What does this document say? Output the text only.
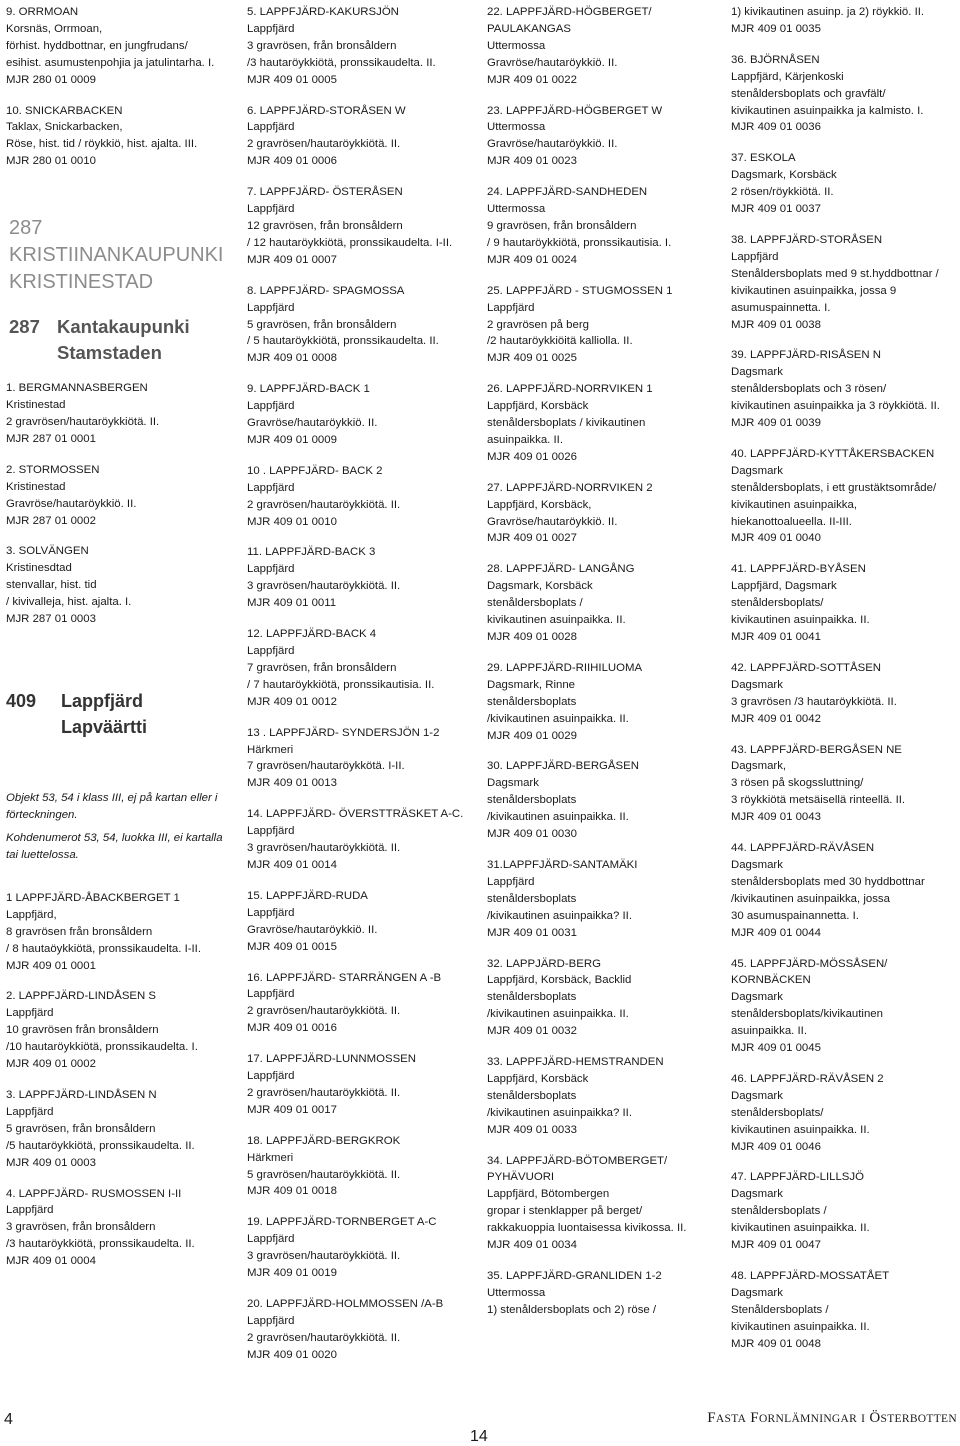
9. ORRMOAN
Korsnäs, Orrmoan,
förhist. hyddbottnar, en jungfrudans/
esihist. asumustenpohjia ja jatulintarha. I.
MJR 280 01 0009
10. SNICKARBACKEN
Taklax, Snickarbacken,
Röse, hist. tid / röykkiö, hist. ajalta. III.
MJR 280 01 0010
287
KRISTIINANKAUPUNKI
KRISTINESTAD
287 Kantakaupunki
Stamstaden
1. BERGMANNASBERGEN
Kristinestad
2 gravrösen/hautaröykkiötä. II.
MJR 287 01 0001
2. STORMOSSEN
Kristinestad
Gravröse/hautaröykkiö. II.
MJR 287 01 0002
3. SOLVÄNGEN
Kristinesdtad
stenvallar, hist. tid
/ kivivalleja, hist. ajalta. I.
MJR 287 01 0003
409	Lappfjärd
Lapväärtti

Objekt 53, 54 i klass III, ej på kartan eller i förteckningen.

Kohdenumerot 53, 54, luokka III, ei kartalla tai luettelossa.

1 LAPPFJÄRD-ÅBACKBERGET 1
Lappfjärd,
8 gravrösen från bronsåldern
/ 8 hautaöykkiötä, pronssikaudelta. I-II.
MJR 409 01 0001
2. LAPPFJÄRD-LINDÅSEN S
Lappfjärd
10 gravrösen från bronsåldern
/10 hautaröykkiötä, pronssikaudelta. I.
MJR 409 01 0002
3. LAPPFJÄRD-LINDÅSEN N
Lappfjärd
5 gravrösen, från bronsåldern
/5 hautaröykkiötä, pronssikaudelta. II.
MJR 409 01 0003
4. LAPPFJÄRD- RUSMOSSEN I-II
Lappfjärd
3 gravrösen, från bronsåldern
/3 hautaröykkiötä, pronssikaudelta. II.
MJR 409 01 0004
5. LAPPFJÄRD-KAKURSJÖN
Lappfjärd
3 gravrösen, från bronsåldern
/3 hautaröykkiötä, pronssikaudelta. II.
MJR 409 01 0005
6. LAPPFJÄRD-STORÅSEN W
Lappfjärd
2 gravrösen/hautaröykkiötä. II.
MJR 409 01 0006
7. LAPPFJÄRD- ÖSTERÅSEN
Lappfjärd
12 gravrösen, från bronsåldern
/ 12 hautaröykkiötä, pronssikaudelta. I-II.
MJR 409 01 0007
8. LAPPFJÄRD- SPAGMOSSA
Lappfjärd
5 gravrösen, från bronsåldern
/ 5 hautaröykkiötä, pronssikaudelta. II.
MJR 409 01 0008
9. LAPPFJÄRD-BACK 1
Lappfjärd
Gravröse/hautaröykkiö. II.
MJR 409 01 0009
10 . LAPPFJÄRD- BACK 2
Lappfjärd
2 gravrösen/hautaröykkiötä. II.
MJR 409 01 0010
11. LAPPFJÄRD-BACK 3
Lappfjärd
3 gravrösen/hautaröykkiötä. II.
MJR 409 01 0011
12. LAPPFJÄRD-BACK 4
Lappfjärd
7 gravrösen, från bronsåldern
/ 7 hautaröykkiötä, pronssikautisia. II.
MJR 409 01 0012
13 . LAPPFJÄRD- SYNDERSJÖN 1-2
Härkmeri
7 gravrösen/hautaröykkötä. I-II.
MJR 409 01 0013
14. LAPPFJÄRD- ÖVERSTTRÄSKET A-C.
Lappfjärd
3 gravrösen/hautaröykkiötä. II.
MJR 409 01 0014
15. LAPPFJÄRD-RUDA
Lappfjärd
Gravröse/hautaröykkiö. II.
MJR 409 01 0015
16. LAPPFJÄRD- STARRÄNGEN A -B
Lappfjärd
2 gravrösen/hautaröykkiötä. II.
MJR 409 01 0016
17. LAPPFJÄRD-LUNNMOSSEN
Lappfjärd
2 gravrösen/hautaröykkiötä. II.
MJR 409 01 0017
18. LAPPFJÄRD-BERGKROK
Härkmeri
5 gravrösen/hautaröykkiötä. II.
MJR 409 01 0018
19. LAPPFJÄRD-TORNBERGET A-C
Lappfjärd
3 gravrösen/hautaröykkiötä. II.
MJR 409 01 0019
20. LAPPFJÄRD-HOLMMOSSEN /A-B
Lappfjärd
2 gravrösen/hautaröykkiötä. II.
MJR 409 01 0020
22. LAPPFJÄRD-HÖGBERGET/
PAULAKANGAS
Uttermossa
Gravröse/hautaröykkiö. II.
MJR 409 01 0022
23. LAPPFJÄRD-HÖGBERGET W
Uttermossa
Gravröse/hautaröykkiö. II.
MJR 409 01 0023
24. LAPPFJÄRD-SANDHEDEN
Uttermossa
9 gravrösen, från bronsåldern
/ 9 hautaröykkiötä, pronssikautisia. I.
MJR 409 01 0024
25. LAPPFJÄRD - STUGMOSSEN 1
Lappfjärd
2 gravrösen på berg
/2 hautaröykkiöitä kalliolla. II.
MJR 409 01 0025
26. LAPPFJÄRD-NORRVIKEN 1
Lappfjärd, Korsbäck
stenåldersboplats / kivikautinen
asuinpaikka. II.
MJR 409 01 0026
27. LAPPFJÄRD-NORRVIKEN 2
Lappfjärd, Korsbäck,
Gravröse/hautaröykkiö. II.
MJR 409 01 0027
28. LAPPFJÄRD- LANGÅNG
Dagsmark, Korsbäck
stenåldersboplats /
kivikautinen asuinpaikka. II.
MJR 409 01 0028
29. LAPPFJÄRD-RIIHILUOMA
Dagsmark, Rinne
stenåldersboplats
/kivikautinen asuinpaikka. II.
MJR 409 01 0029
30. LAPPFJÄRD-BERGÅSEN
Dagsmark
stenåldersboplats
/kivikautinen asuinpaikka. II.
MJR 409 01 0030
31.LAPPFJÄRD-SANTAMÄKI
Lappfjärd
stenåldersboplats
/kivikautinen asuinpaikka? II.
MJR 409 01 0031
32. LAPPJÄRD-BERG
Lappfjärd, Korsbäck, Backlid
stenåldersboplats
/kivikautinen asuinpaikka. II.
MJR 409 01 0032
33. LAPPFJÄRD-HEMSTRANDEN
Lappfjärd, Korsbäck
stenåldersboplats
/kivikautinen asuinpaikka? II.
MJR 409 01 0033
34. LAPPFJÄRD-BÖTOMBERGET/
PYHÄVUORI
Lappfjärd, Bötombergen
gropar i stenklapper på berget/
rakkakuoppia luontaisessa kivikossa. II.
MJR 409 01 0034
35. LAPPFJÄRD-GRANLIDEN 1-2
Uttermossa
1) stenåldersboplats och 2) röse /
1) kivikautinen asuinp. ja 2) röykkiö. II.
MJR 409 01 0035
36. BJÖRNÅSEN
Lappfjärd, Kärjenkoski
stenåldersboplats och gravfält/
kivikautinen asuinpaikka ja kalmisto. I.
MJR 409 01 0036
37. ESKOLA
Dagsmark, Korsbäck
2 rösen/röykkiötä. II.
MJR 409 01 0037
38. LAPPFJÄRD-STORÅSEN
Lappfjärd
Stenåldersboplats med 9 st.hyddbottnar /
kivikautinen asuinpaikka, jossa 9
asumuspainnetta. I.
MJR 409 01 0038
39. LAPPFJÄRD-RISÅSEN N
Dagsmark
stenåldersboplats och 3 rösen/
kivikautinen asuinpaikka ja 3 röykkiötä. II.
MJR 409 01 0039
40. LAPPFJÄRD-KYTTÅKERSBACKEN
Dagsmark
stenåldersboplats, i ett grustäktsområde/
kivikautinen asuinpaikka,
hiekanottoalueella. II-III.
MJR 409 01 0040
41. LAPPFJÄRD-BYÅSEN
Lappfjärd, Dagsmark
stenåldersboplats/
kivikautinen asuinpaikka. II.
MJR 409 01 0041
42. LAPPFJÄRD-SOTTÅSEN
Dagsmark
3 gravrösen /3 hautaröykkiötä. II.
MJR 409 01 0042
43. LAPPFJÄRD-BERGÅSEN NE
Dagsmark,
3 rösen på skogssluttning/
3 röykkiötä metsäisellä rinteellä. II.
MJR 409 01 0043
44. LAPPFJÄRD-RÄVÅSEN
Dagsmark
stenåldersboplats med 30 hyddbottnar
/kivikautinen asuinpaikka, jossa
30 asumuspainannetta. I.
MJR 409 01 0044
45. LAPPFJÄRD-MÖSSÅSEN/
KORNBÄCKEN
Dagsmark
stenåldersboplats/kivikautinen
asuinpaikka. II.
MJR 409 01 0045
46. LAPPFJÄRD-RÄVÅSEN 2
Dagsmark
stenåldersboplats/
kivikautinen asuinpaikka. II.
MJR 409 01 0046
47. LAPPFJÄRD-LILLSJÖ
Dagsmark
stenåldersboplats /
kivikautinen asuinpaikka. II.
MJR 409 01 0047
48. LAPPFJÄRD-MOSSATÅET
Dagsmark
Stenåldersboplats /
kivikautinen asuinpaikka. II.
MJR 409 01 0048
4
14
FASTA FORNLÄMNINGAR I ÖSTERBOTTEN
